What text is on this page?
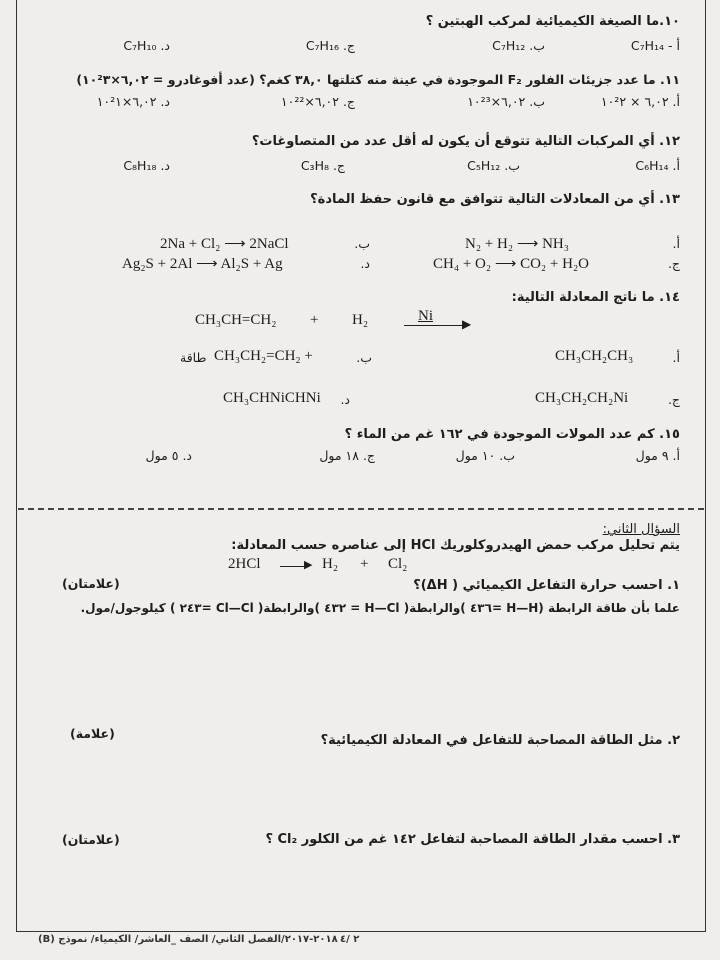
١٠.ما الصيغة الكيميائية لمركب الهبتين ؟
أ - C₇H₁₄
ب. C₇H₁₂
ج. C₇H₁₆
د. C₇H₁₀
١١. ما عدد جزيئات الفلور F₂ الموجودة في عينة منه كتلتها ٣٨,٠ كغم؟ (عدد أفوغادرو = ٦,٠٢×١٠²٣)
أ. ٦,٠٢ × ١٠²٢
ب. ٦,٠٢×١٠²³
ج. ٦,٠٢×١٠²²
د. ٦,٠٢×١٠²١
١٢. أي المركبات التالية تتوقع أن يكون له أقل عدد من المتصاوغات؟
أ. C₆H₁₄
ب. C₅H₁₂
ج. C₃H₈
د. C₈H₁₈
١٣. أي من المعادلات التالية تتوافق مع قانون حفظ المادة؟
أ.
N₂ + H₂ ⟶ NH₃
ب.
2Na + Cl₂ ⟶ 2NaCl
ج.
CH₄ + O₂ ⟶ CO₂ + H₂O
د.
Ag₂S + 2Al ⟶ Al₂S + Ag
١٤. ما ناتج المعادلة التالية:
CH₃CH=CH₂ + H₂	Ni ▶
أ.
CH₃CH₂CH₃
ب.
CH₃CH₂=CH₂ +
طاقة
ج.
CH₃CH₂CH₂Ni
د.
CH₃CHNiCHNi
١٥. كم عدد المولات الموجودة في ١٦٢ غم من الماء ؟
أ. ٩ مول
ب. ١٠ مول
ج. ١٨ مول
د. ٥ مول
السؤال الثاني:
يتم تحليل مركب حمض الهيدروكلوريك HCl إلى عناصره حسب المعادلة:
2HCl	▶ H₂ + Cl₂
١. احسب حرارة التفاعل الكيميائي ( ΔH)؟
(علامتان)
علما بأن طاقة الرابطة (H—H =٤٣٦ )والرابطة( H—Cl = ٤٣٢ )والرابطة( Cl—Cl =٢٤٣ ) كيلوجول/مول.
٢. مثل الطاقة المصاحبة للتفاعل في المعادلة الكيميائية؟
(علامة)
٣. احسب مقدار الطاقة المصاحبة لتفاعل ١٤٢ غم من الكلور Cl₂ ؟
(علامتان)
٢ /٤
٢٠١٨-٢٠١٧/الفصل الثاني/ الصف _العاشر/ الكيمياء/ نموذج (B)
